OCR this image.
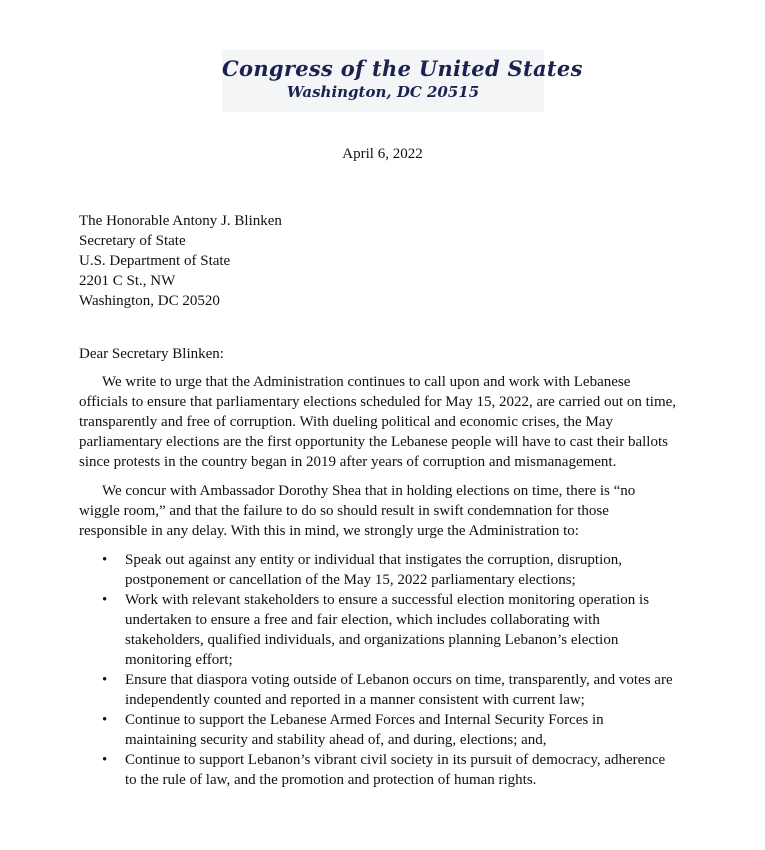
Congress of the United States
Washington, DC 20515
April 6, 2022
The Honorable Antony J. Blinken
Secretary of State
U.S. Department of State
2201 C St., NW
Washington, DC 20520
Dear Secretary Blinken:

We write to urge that the Administration continues to call upon and work with Lebanese officials to ensure that parliamentary elections scheduled for May 15, 2022, are carried out on time, transparently and free of corruption. With dueling political and economic crises, the May parliamentary elections are the first opportunity the Lebanese people will have to cast their ballots since protests in the country began in 2019 after years of corruption and mismanagement.

We concur with Ambassador Dorothy Shea that in holding elections on time, there is “no wiggle room,” and that the failure to do so should result in swift condemnation for those responsible in any delay. With this in mind, we strongly urge the Administration to:

• Speak out against any entity or individual that instigates the corruption, disruption, postponement or cancellation of the May 15, 2022 parliamentary elections;
• Work with relevant stakeholders to ensure a successful election monitoring operation is undertaken to ensure a free and fair election, which includes collaborating with stakeholders, qualified individuals, and organizations planning Lebanon’s election monitoring effort;
• Ensure that diaspora voting outside of Lebanon occurs on time, transparently, and votes are independently counted and reported in a manner consistent with current law;
• Continue to support the Lebanese Armed Forces and Internal Security Forces in maintaining security and stability ahead of, and during, elections; and,
• Continue to support Lebanon’s vibrant civil society in its pursuit of democracy, adherence to the rule of law, and the promotion and protection of human rights.
